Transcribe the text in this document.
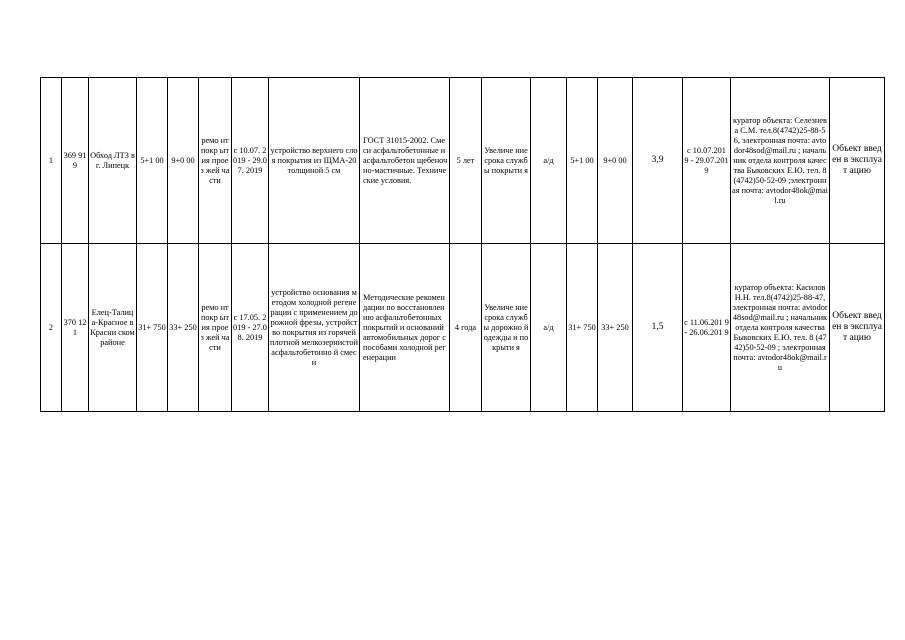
1	369 919	Обход ЛТЗ в г. Липецк	5+1 00	9+0 00	ремо нт покр ытия проез жей части	с 10.07. 2019 - 29.07. 2019	устройство верхнего слоя покрытия из ЩМА-20 толщиной 5 см	ГОСТ 31015-2002. Смеси асфальтобетонные и асфальтобетон щебеночно-мастичные. Технические условия.	5 лет	Увеличе ние срока службы покрыти я	а/д	5+1 00	9+0 00	3,9	с 10.07.201 9 - 29.07.201 9	куратор объекта: Селезнева С.М. тел.8(4742)25-88-56, электронная почта: avtodor48sod@mail.ru ; начальник отдела контроля качества Быковских Е.Ю. тел. 8(4742)50-52-09 ;электронная почта: avtodor48ok@mail.ru	Объект введен в эксплуат ацию
2	370 121	Елец-Талица-Красное в Красни ском районе	31+ 750	33+ 250	ремо нт покр ытия проез жей части	с 17.05. 2019 - 27.08. 2019	устройство основания методом холодной регенерации с применением дорожной фрезы, устройство покрытия из горячей плотной мелкозернистой асфальтобетонно й смеси	Методические рекомендации по восстановлению асфальтобетонных покрытий и оснований автомобильных дорог способами холодной регенерации	4 года	Увеличе ние срока службы дорожно й одежды и покрыти я	а/д	31+ 750	33+ 250	1,5	с 11.06.201 9 - 26.06.201 9	куратор объекта: Касилов Н.Н. тел.8(4742)25-88-47, электронная почта: avtodor48sod@mail.ru ; начальник отдела контроля качества Быковских Е.Ю. тел. 8 (4742)50-52-09 ; электронная почта: avtodor48ok@mail.ru	Объект введен в эксплуат ацию
